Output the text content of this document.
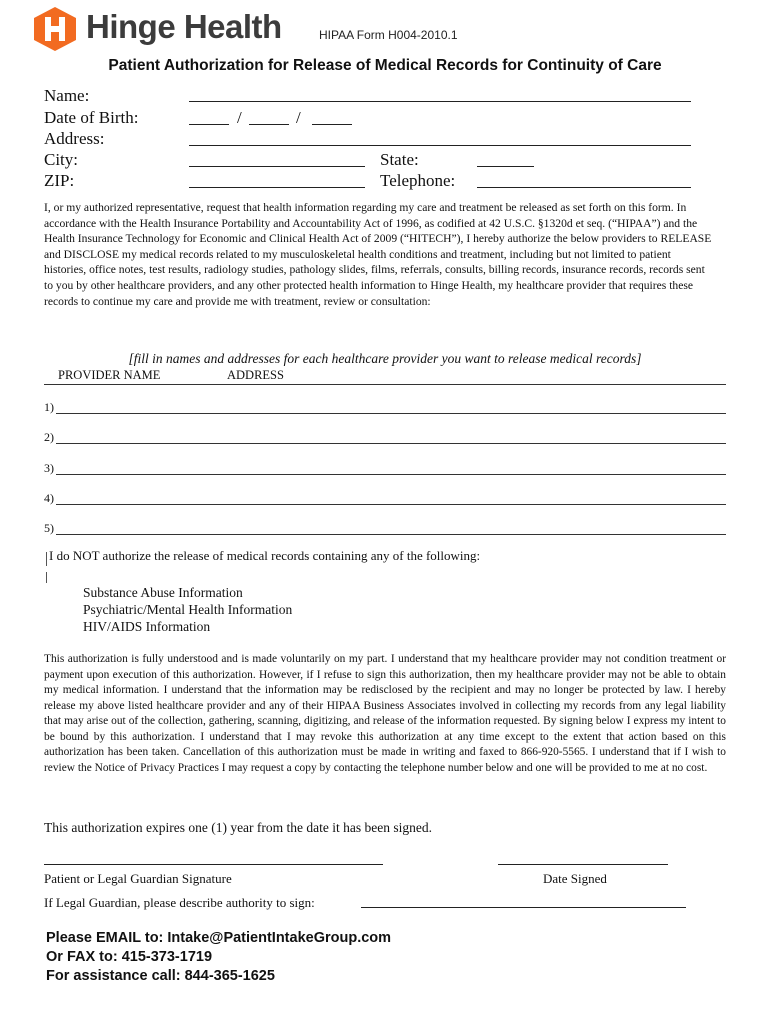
Hinge Health	HIPAA Form H004-2010.1
Patient Authorization for Release of Medical Records for Continuity of Care
Name:
Date of Birth:	/	/
Address:
City:	State:
ZIP:	Telephone:
I, or my authorized representative, request that health information regarding my care and treatment be released as set forth on this form. In accordance with the Health Insurance Portability and Accountability Act of 1996, as codified at 42 U.S.C. §1320d et seq. (“HIPAA”) and the Health Insurance Technology for Economic and Clinical Health Act of 2009 (“HITECH”), I hereby authorize the below providers to RELEASE and DISCLOSE my medical records related to my musculoskeletal health conditions and treatment, including but not limited to patient histories, office notes, test results, radiology studies, pathology slides, films, referrals, consults, billing records, insurance records, records sent to you by other healthcare providers, and any other protected health information to Hinge Health, my healthcare provider that requires these records to continue my care and provide me with treatment, review or consultation:
[fill in names and addresses for each healthcare provider you want to release medical records]
PROVIDER NAME	ADDRESS
1)
2)
3)
4)
5)
I do NOT authorize the release of medical records containing any of the following:
Substance Abuse Information
Psychiatric/Mental Health Information
HIV/AIDS Information
This authorization is fully understood and is made voluntarily on my part. I understand that my healthcare provider may not condition treatment or payment upon execution of this authorization. However, if I refuse to sign this authorization, then my healthcare provider may not be able to obtain my medical information. I understand that the information may be redisclosed by the recipient and may no longer be protected by law. I hereby release my above listed healthcare provider and any of their HIPAA Business Associates involved in collecting my records from any legal liability that may arise out of the collection, gathering, scanning, digitizing, and release of the information requested. By signing below I express my intent to be bound by this authorization. I understand that I may revoke this authorization at any time except to the extent that action based on this authorization has been taken. Cancellation of this authorization must be made in writing and faxed to 866-920-5565. I understand that if I wish to review the Notice of Privacy Practices I may request a copy by contacting the telephone number below and one will be provided to me at no cost.
This authorization expires one (1) year from the date it has been signed.
Patient or Legal Guardian Signature	Date Signed
If Legal Guardian, please describe authority to sign:
Please EMAIL to: Intake@PatientIntakeGroup.com
Or FAX to: 415-373-1719
For assistance call: 844-365-1625
